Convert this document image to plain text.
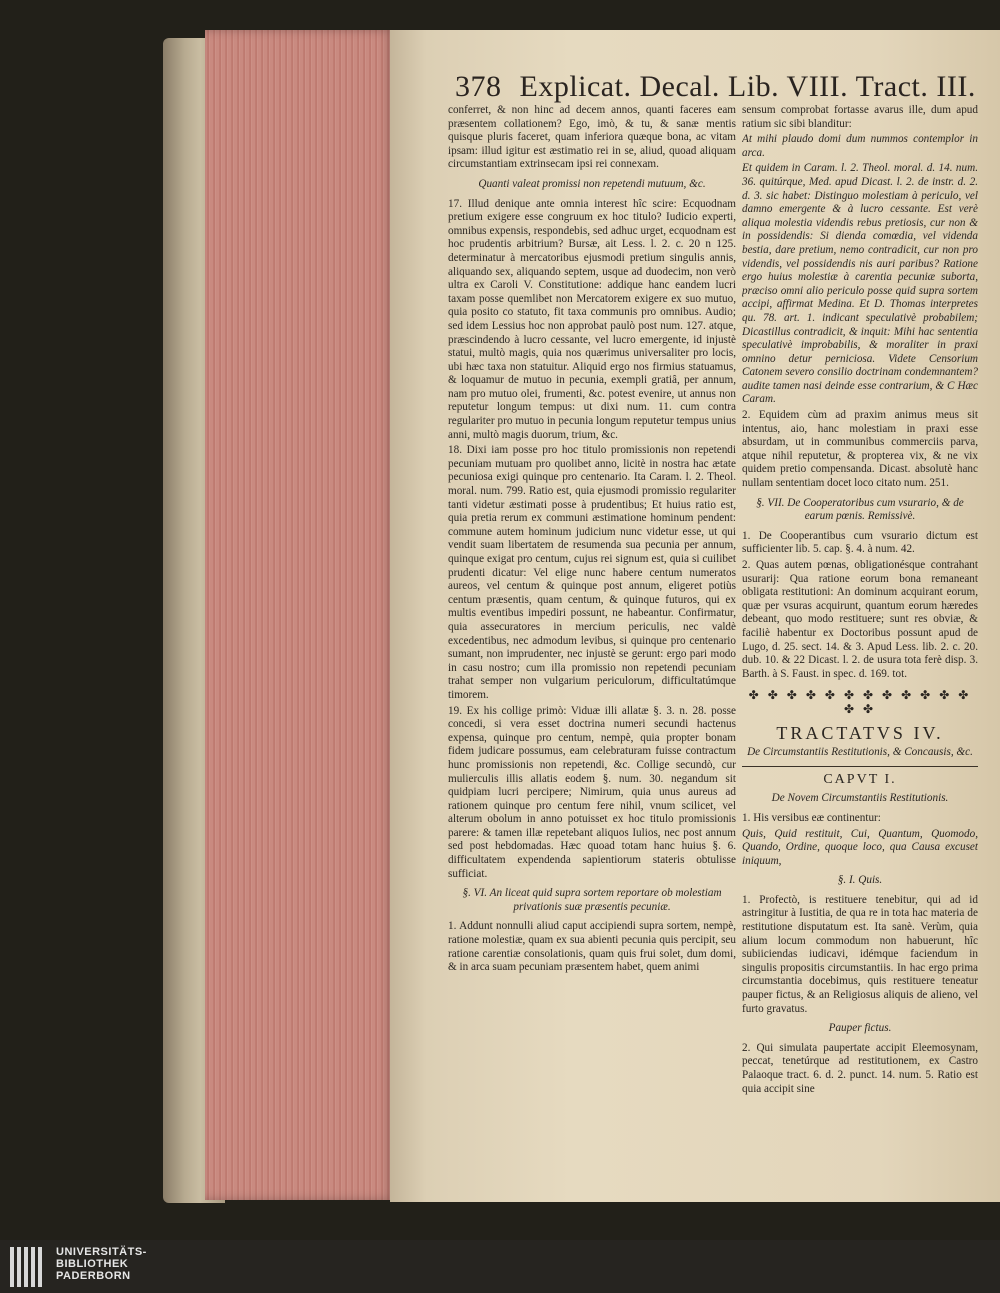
378 Explicat. Decal. Lib. VIII. Tract. III.

conferret, & non hinc ad decem annos, quanti faceres eam præsentem collationem? Ego, imò, & tu, & sanæ mentis quisque pluris faceret, quam inferiora quæque bona, ac vitam ipsam: illud igitur est æstimatio rei in se, aliud, quoad aliquam circumstantiam extrinsecam ipsi rei connexam.

Quanti valeat promissi non repetendi mutuum, &c.

17. Illud denique ante omnia interest hîc scire: Ecquodnam pretium exigere esse congruum ex hoc titulo? Iudicio experti, omnibus expensis, respondebis, sed adhuc urget, ecquodnam est hoc prudentis arbitrium? Bursæ, ait Less. l. 2. c. 20 n 125. determinatur à mercatoribus ejusmodi pretium singulis annis, aliquando sex, aliquando septem, usque ad duodecim, non verò ultra ex Caroli V. Constitutione: addique hanc eandem lucri taxam posse quemlibet non Mercatorem exigere ex suo mutuo, quia posito co statuto, fit taxa communis pro omnibus. Audio; sed idem Lessius hoc non approbat paulò post num. 127. atque, præscindendo à lucro cessante, vel lucro emergente, id injustè statui, multò magis, quia nos quærimus universaliter pro locis, ubi hæc taxa non statuitur. Aliquid ergo nos firmius statuamus, & loquamur de mutuo in pecunia, exempli gratiâ, per annum, nam pro mutuo olei, frumenti, &c. potest evenire, ut annus non reputetur longum tempus: ut dixi num. 11. cum contra regulariter pro mutuo in pecunia longum reputetur tempus unius anni, multò magis duorum, trium, &c.

18. Dixi iam posse pro hoc titulo promissionis non repetendi pecuniam mutuam pro quolibet anno, licitè in nostra hac ætate pecuniosa exigi quinque pro centenario. Ita Caram. l. 2. Theol. moral. num. 799. Ratio est, quia ejusmodi promissio regulariter tanti videtur æstimati posse à prudentibus; Et huius ratio est, quia pretia rerum ex communi æstimatione hominum pendent: commune autem hominum judicium nunc videtur esse, ut qui vendit suam libertatem de resumenda sua pecunia per annum, quinque exigat pro centum, cujus rei signum est, quia si cuilibet prudenti dicatur: Vel elige nunc habere centum numeratos aureos, vel centum & quinque post annum, eligeret potiùs centum præsentis, quam centum, & quinque futuros, qui ex multis eventibus impediri possunt, ne habeantur. Confirmatur, quia assecuratores in mercium periculis, nec valdè excedentibus, nec admodum levibus, si quinque pro centenario sumant, non imprudenter, nec injustè se gerunt: ergo pari modo in casu nostro; cum illa promissio non repetendi pecuniam trahat semper non vulgarium periculorum, difficultatúmque timorem.

19. Ex his collige primò: Viduæ illi allatæ §. 3. n. 28. posse concedi, si vera esset doctrina numeri secundi hactenus expensa, quinque pro centum, nempè, quia propter bonam fidem judicare possumus, eam celebraturam fuisse contractum hunc promissionis non repetendi, &c. Collige secundò, cur mulierculis illis allatis eodem §. num. 30. negandum sit quidpiam lucri percipere; Nimirum, quia unus aureus ad rationem quinque pro centum fere nihil, vnum scilicet, vel alterum obolum in anno potuisset ex hoc titulo promissionis parere: & tamen illæ repetebant aliquos Iulios, nec post annum sed post hebdomadas. Hæc quoad totam hanc huius §. 6. difficultatem expendenda sapientiorum stateris obtulisse sufficiat.

§. VI. An liceat quid supra sortem reportare ob molestiam privationis suæ præsentis pecuniæ.

1. Addunt nonnulli aliud caput accipiendi supra sortem, nempè, ratione molestiæ, quam ex sua abienti pecunia quis percipit, seu ratione carentiæ consolationis, quam quis frui solet, dum domi, & in arca suam pecuniam præsentem habet, quem animi

sensum comprobat fortasse avarus ille, dum apud ratium sic sibi blanditur:

At mihi plaudo domi dum nummos contemplor in arca.

Et quidem in Caram. l. 2. Theol. moral. d. 14. num. 36. quitúrque, Med. apud Dicast. l. 2. de instr. d. 2. d. 3. sic habet: Distinguo molestiam à periculo, vel damno emergente & à lucro cessante. Est verè aliqua molestia videndis rebus pretiosis, cur non & in possidendis: Si dienda comœdia, vel videnda bestia, dare pretium, nemo contradicit, cur non pro videndis, vel possidendis nis auri paribus? Ratione ergo huius molestiæ à carentia pecuniæ suborta, præciso omni alio periculo posse quid supra sortem accipi, affirmat Medina. Et D. Thomas interpretes qu. 78. art. 1. indicant speculativè probabilem; Dicastillus contradicit, & inquit: Mihi hac sententia speculativè improbabilis, & moraliter in praxi omnino detur perniciosa. Videte Censorium Catonem severo consilio doctrinam condemnantem? audite tamen nasi deinde esse contrarium, & C Hæc Caram.

2. Equidem cùm ad praxim animus meus sit intentus, aio, hanc molestiam in praxi esse absurdam, ut in communibus commerciis parva, atque nihil reputetur, & propterea vix, & ne vix quidem pretio compensanda. Dicast. absolutè hanc nullam sententiam docet loco citato num. 251.

§. VII. De Cooperatoribus cum vsurario, & de earum pœnis. Remissivè.

1. De Cooperantibus cum vsurario dictum est sufficienter lib. 5. cap. §. 4. à num. 42.

2. Quas autem pœnas, obligationésque contrahant usurarij: Qua ratione eorum bona remaneant obligata restitutioni: An dominum acquirant eorum, quæ per vsuras acquirunt, quantum eorum hæredes debeant, quo modo restituere; sunt res obviæ, & faciliè habentur ex Doctoribus possunt apud de Lugo, d. 25. sect. 14. & 3. Apud Less. lib. 2. c. 20. dub. 10. & 22 Dicast. l. 2. de usura tota ferè disp. 3. Barth. à S. Faust. in spec. d. 169. tot.

✤ ✤ ✤ ✤ ✤ ✤ ✤ ✤ ✤ ✤ ✤ ✤ ✤ ✤
TRACTATVS IV.

De Circumstantiis Restitutionis, & Concausis, &c.

CAPVT I.

De Novem Circumstantiis Restitutionis.

1. His versibus eæ continentur:

Quis, Quid restituit, Cui, Quantum, Quomodo, Quando, Ordine, quoque loco, qua Causa excuset iniquum,

§. I. Quis.

1. Profectò, is restituere tenebitur, qui ad id astringitur à Iustitia, de qua re in tota hac materia de restitutione disputatum est. Ita sanè. Verùm, quia alium locum commodum non habuerunt, hîc subiiciendas iudicavi, idémque faciendum in singulis propositis circumstantiis. In hac ergo prima circumstantia docebimus, quis restituere teneatur pauper fictus, & an Religiosus aliquis de alieno, vel furto gravatus.

Pauper fictus.

2. Qui simulata paupertate accipit Eleemosynam, peccat, tenetúrque ad restitutionem, ex Castro Palaoque tract. 6. d. 2. punct. 14. num. 5. Ratio est quia accipit sine

UNIVERSITÄTS-
BIBLIOTHEK
PADERBORN
